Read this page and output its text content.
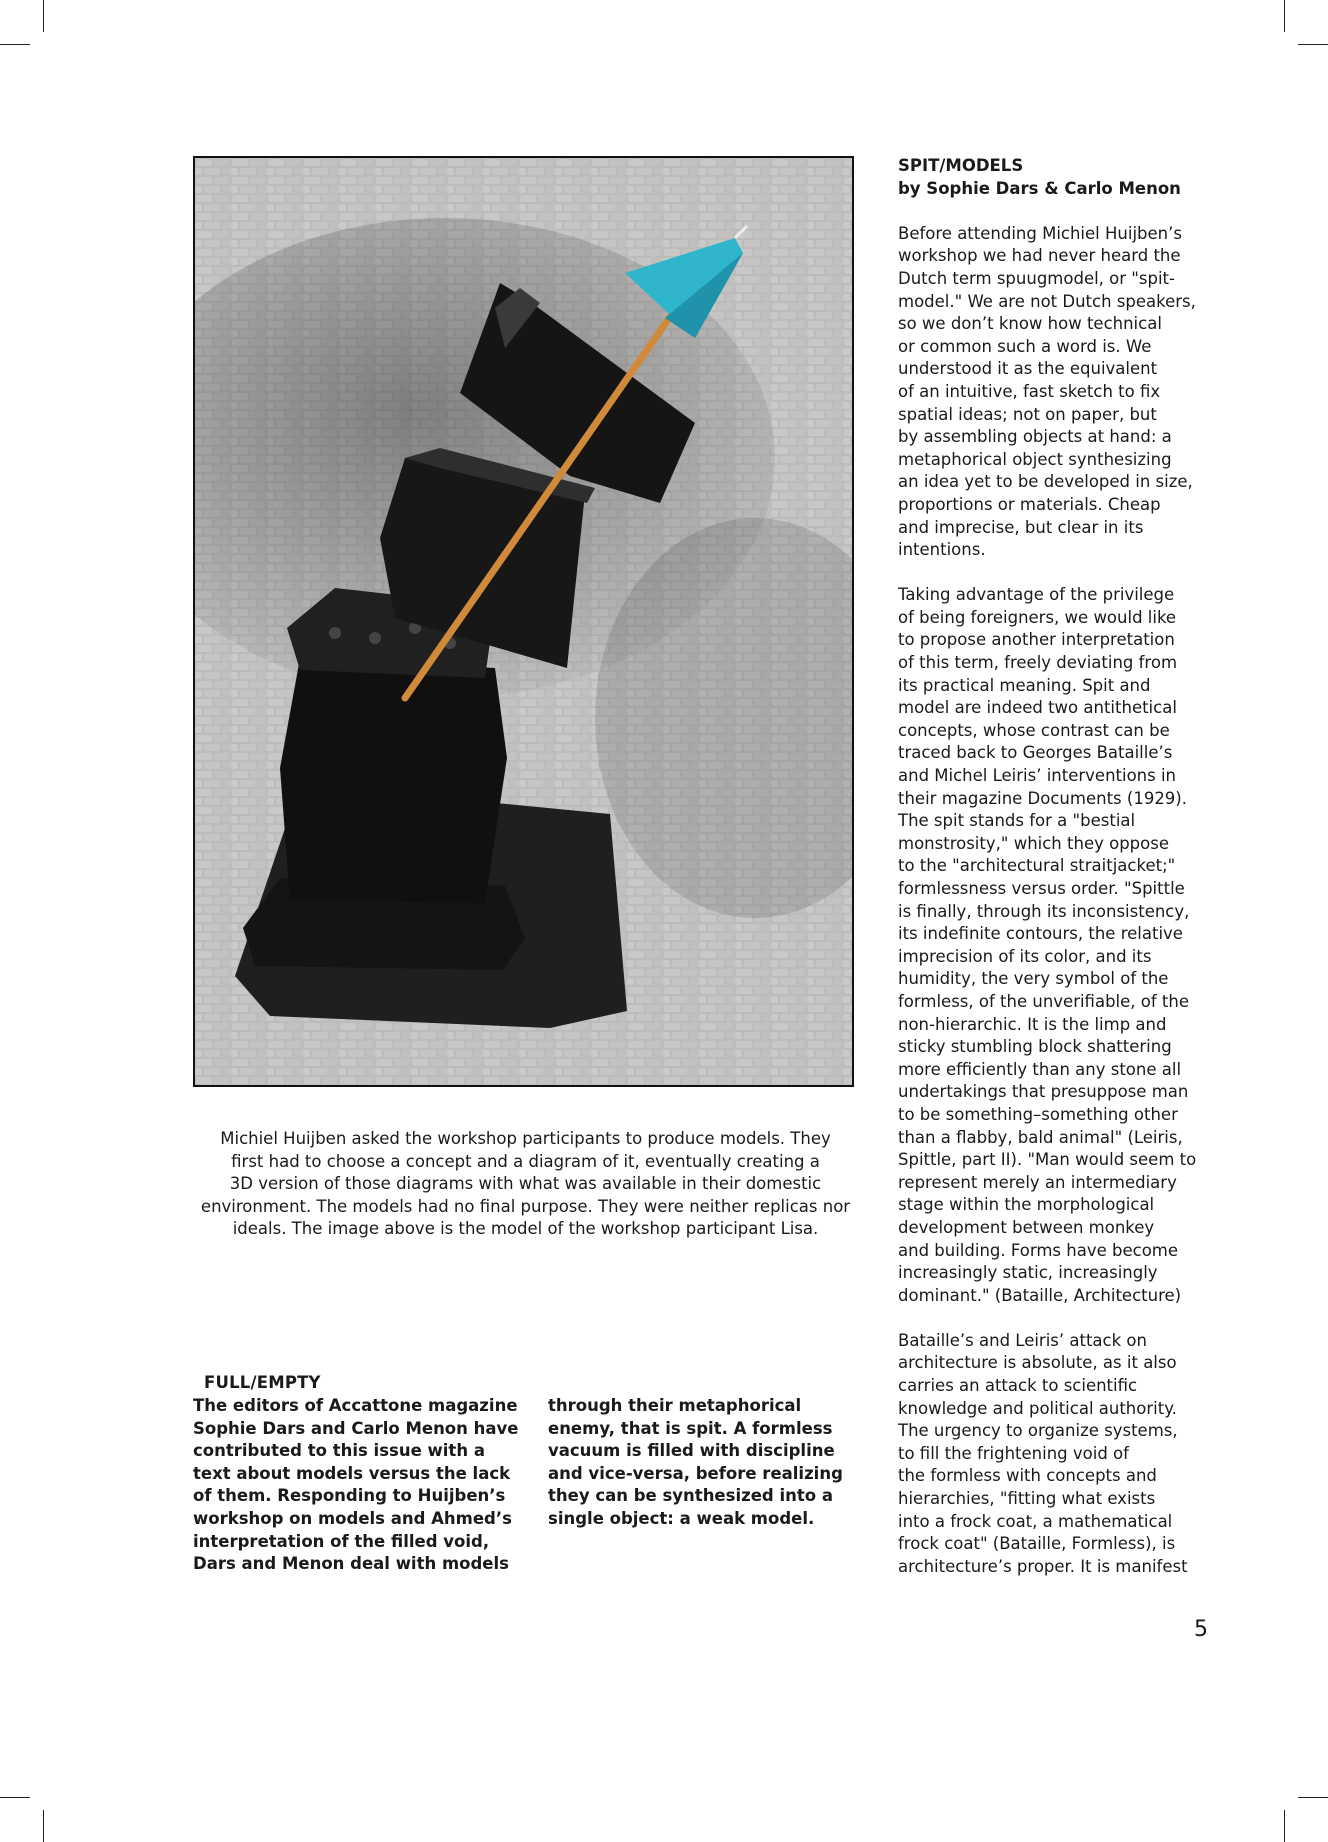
Michiel Huijben asked the workshop participants to produce models. They
first had to choose a concept and a diagram of it, eventually creating a
3D version of those diagrams with what was available in their domestic
environment. The models had no final purpose. They were neither replicas nor
ideals. The image above is the model of the workshop participant Lisa.

SPIT/MODELS
by Sophie Dars & Carlo Menon
Before attending Michiel Huijben’s
workshop we had never heard the
Dutch term spuugmodel, or "spit-
model." We are not Dutch speakers,
so we don’t know how technical
or common such a word is. We
understood it as the equivalent
of an intuitive, fast sketch to fix
spatial ideas; not on paper, but
by assembling objects at hand: a
metaphorical object synthesizing
an idea yet to be developed in size,
proportions or materials. Cheap
and imprecise, but clear in its
intentions.
Taking advantage of the privilege
of being foreigners, we would like
to propose another interpretation
of this term, freely deviating from
its practical meaning. Spit and
model are indeed two antithetical
concepts, whose contrast can be
traced back to Georges Bataille’s
and Michel Leiris’ interventions in
their magazine Documents (1929).
The spit stands for a "bestial
monstrosity," which they oppose
to the "architectural straitjacket;"
formlessness versus order. "Spittle
is finally, through its inconsistency,
its indefinite contours, the relative
imprecision of its color, and its
humidity, the very symbol of the
formless, of the unverifiable, of the
non-hierarchic. It is the limp and
sticky stumbling block shattering
more efficiently than any stone all
undertakings that presuppose man
to be something–something other
than a flabby, bald animal" (Leiris,
Spittle, part II). "Man would seem to
represent merely an intermediary
stage within the morphological
development between monkey
and building. Forms have become
increasingly static, increasingly
dominant." (Bataille, Architecture)
Bataille’s and Leiris’ attack on
architecture is absolute, as it also
carries an attack to scientific
knowledge and political authority.
The urgency to organize systems,
to fill the frightening void of
the formless with concepts and
hierarchies, "fitting what exists
into a frock coat, a mathematical
frock coat" (Bataille, Formless), is
architecture’s proper. It is manifest
FULL/EMPTY
The editors of Accattone magazine
Sophie Dars and Carlo Menon have
contributed to this issue with a
text about models versus the lack
of them. Responding to Huijben’s
workshop on models and Ahmed’s
interpretation of the filled void,
Dars and Menon deal with models
through their metaphorical
enemy, that is spit. A formless
vacuum is filled with discipline
and vice-versa, before realizing
they can be synthesized into a
single object: a weak model.
5
